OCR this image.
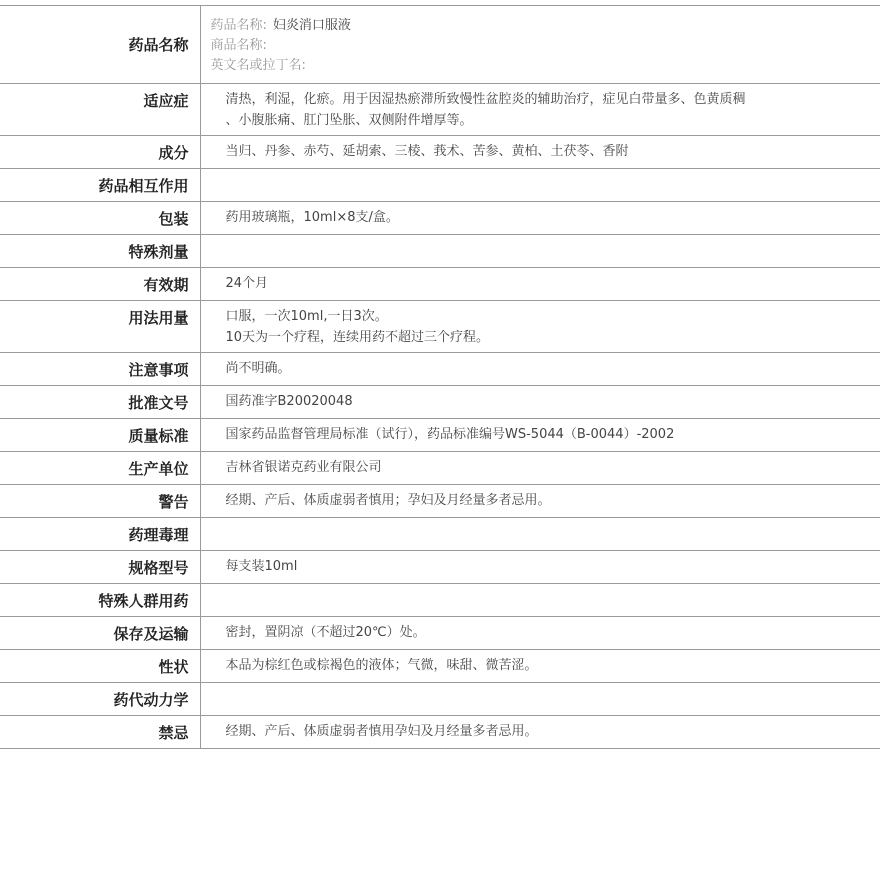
药品名称	药品名称: 妇炎消口服液
商品名称:
英文名或拉丁名:

适应症	清热，利湿，化瘀。用于因湿热瘀滞所致慢性盆腔炎的辅助治疗，症见白带量多、色黄质稠
、小腹胀痛、肛门坠胀、双侧附件增厚等。

成分	当归、丹参、赤芍、延胡索、三棱、莪术、苦参、黄柏、土茯苓、香附

药品相互作用	

包装	药用玻璃瓶，10ml×8支/盒。

特殊剂量	

有效期	24个月

用法用量	口服，一次10ml,一日3次。
10天为一个疗程，连续用药不超过三个疗程。

注意事项	尚不明确。

批准文号	国药准字B20020048

质量标准	国家药品监督管理局标准（试行），药品标准编号WS-5044（B-0044）-2002

生产单位	吉林省银诺克药业有限公司

警告	经期、产后、体质虚弱者慎用；孕妇及月经量多者忌用。

药理毒理	

规格型号	每支装10ml

特殊人群用药	

保存及运输	密封，置阴凉（不超过20℃）处。

性状	本品为棕红色或棕褐色的液体；气微，味甜、微苦涩。

药代动力学	

禁忌	经期、产后、体质虚弱者慎用孕妇及月经量多者忌用。
